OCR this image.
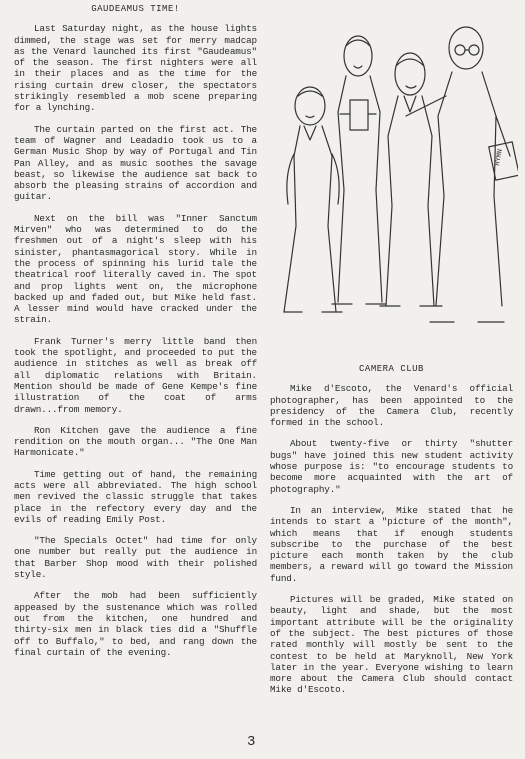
GAUDEAMUS TIME!

Last Saturday night, as the house lights dimmed, the stage was set for merry madcap as the Venard launched its first "Gaudeamus" of the season. The first nighters were all in their places and as the time for the rising curtain drew closer, the spectators strikingly resembled a mob scene preparing for a lynching.

The curtain parted on the first act. The team of Wagner and Leadadio took us to a German Music Shop by way of Portugal and Tin Pan Alley, and as music soothes the savage beast, so likewise the audience sat back to absorb the pleasing strains of accordion and guitar.

Next on the bill was "Inner Sanctum Mirven" who was determined to do the freshmen out of a night's sleep with his sinister, phantasmagorical story. While in the process of spinning his lurid tale the theatrical roof literally caved in. The spot and prop lights went on, the microphone backed up and faded out, but Mike held fast. A lesser mind would have cracked under the strain.

Frank Turner's merry little band then took the spotlight, and proceeded to put the audience in stitches as well as break off all diplomatic relations with Britain. Mention should be made of Gene Kempe's fine illustration of the coat of arms drawn...from memory.

Ron Kitchen gave the audience a fine rendition on the mouth organ... "The One Man Harmonicate."

Time getting out of hand, the remaining acts were all abbreviated. The high school men revived the classic struggle that takes place in the refectory every day and the evils of reading Emily Post.

"The Specials Octet" had time for only one number but really put the audience in that Barber Shop mood with their polished style.

After the mob had been sufficiently appeased by the sustenance which was rolled out from the kitchen, one hundred and thirty-six men in black ties did a "Shuffle off to Buffalo," to bed, and rang down the final curtain of the evening.

HYMN
CAMERA CLUB

Mike d'Escoto, the Venard's official photographer, has been appointed to the presidency of the Camera Club, recently formed in the school.

About twenty-five or thirty "shutter bugs" have joined this new student activity whose purpose is: "to encourage students to become more acquainted with the art of photography."

In an interview, Mike stated that he intends to start a "picture of the month", which means that if enough students subscribe to the purchase of the best picture each month taken by the club members, a reward will go toward the Mission fund.

Pictures will be graded, Mike stated on beauty, light and shade, but the most important attribute will be the originality of the subject. The best pictures of those rated monthly will mostly be sent to the contest to be held at Maryknoll, New York later in the year. Everyone wishing to learn more about the Camera Club should contact Mike d'Escoto.

3
